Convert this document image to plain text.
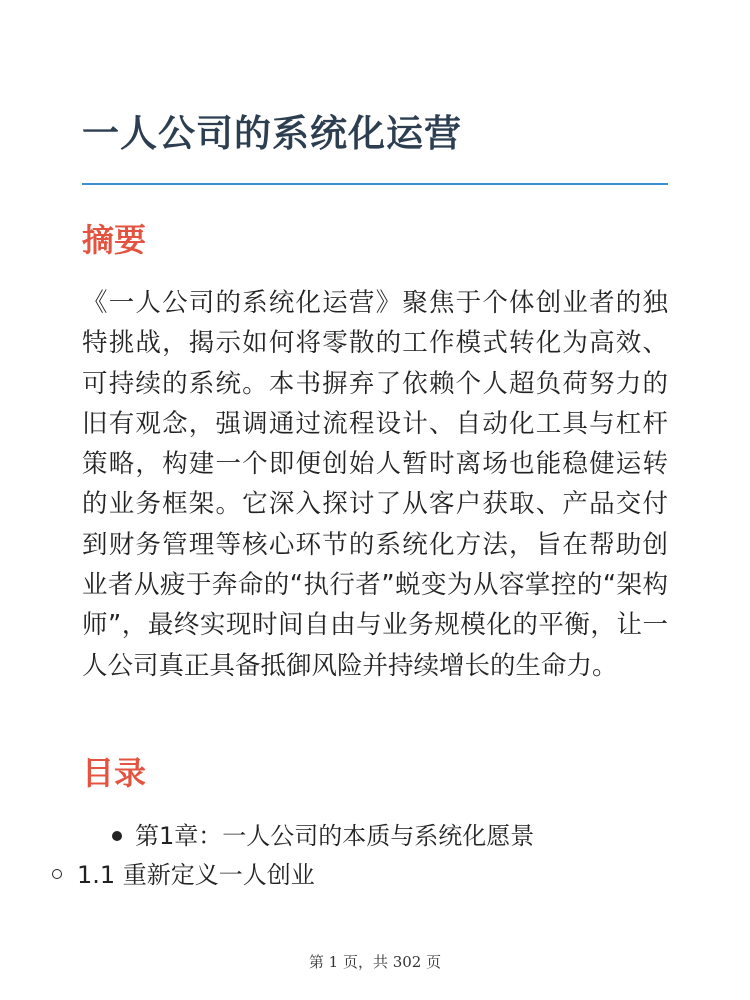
一人公司的系统化运营
摘要

《一人公司的系统化运营》聚焦于个体创业者的独特挑战，揭示如何将零散的工作模式转化为高效、可持续的系统。本书摒弃了依赖个人超负荷努力的旧有观念，强调通过流程设计、自动化工具与杠杆策略，构建一个即便创始人暂时离场也能稳健运转的业务框架。它深入探讨了从客户获取、产品交付到财务管理等核心环节的系统化方法，旨在帮助创业者从疲于奔命的“执行者”蜕变为从容掌控的“架构师”，最终实现时间自由与业务规模化的平衡，让一人公司真正具备抵御风险并持续增长的生命力。

目录
第1章：一人公司的本质与系统化愿景
1.1 重新定义一人创业
第 1 页，共 302 页
